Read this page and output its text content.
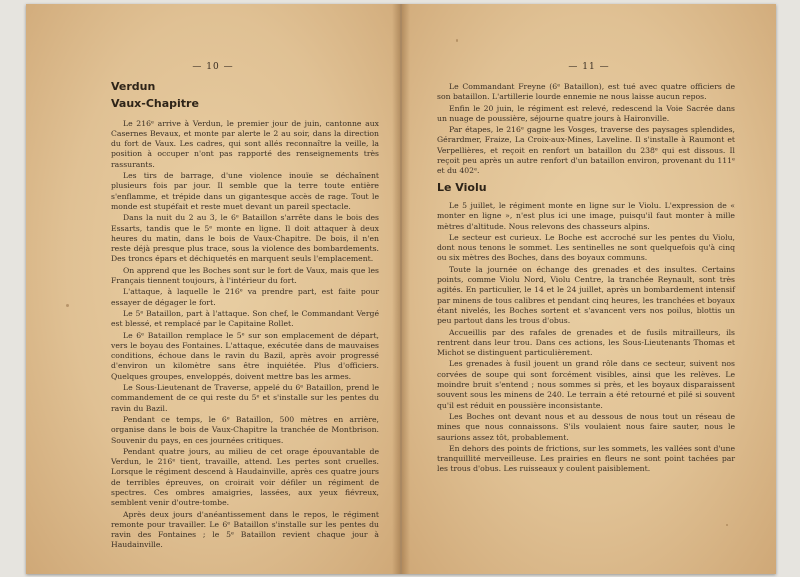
— 10 —
Verdun
Vaux-Chapitre

Le 216ᵉ arrive à Verdun, le premier jour de juin, cantonne aux Casernes Bevaux, et monte par alerte le 2 au soir, dans la direction du fort de Vaux. Les cadres, qui sont allés reconnaître la veille, la position à occuper n'ont pas rapporté des renseignements très rassurants.

Les tirs de barrage, d'une violence inouïe se déchaînent plusieurs fois par jour. Il semble que la terre toute entière s'enflamme, et trépide dans un gigantesque accès de rage. Tout le monde est stupéfait et reste muet devant un pareil spectacle.

Dans la nuit du 2 au 3, le 6ᵉ Bataillon s'arrête dans le bois des Essarts, tandis que le 5ᵉ monte en ligne. Il doit attaquer à deux heures du matin, dans le bois de Vaux-Chapitre. De bois, il n'en reste déjà presque plus trace, sous la violence des bombardements. Des troncs épars et déchiquetés en marquent seuls l'emplacement.

On apprend que les Boches sont sur le fort de Vaux, mais que les Français tiennent toujours, à l'intérieur du fort.

L'attaque, à laquelle le 216ᵉ va prendre part, est faite pour essayer de dégager le fort.

Le 5ᵉ Bataillon, part à l'attaque. Son chef, le Commandant Vergé est blessé, et remplacé par le Capitaine Rollet.

Le 6ᵉ Bataillon remplace le 5ᵉ sur son emplacement de départ, vers le boyau des Fontaines. L'attaque, exécutée dans de mauvaises conditions, échoue dans le ravin du Bazil, après avoir progressé d'environ un kilomètre sans être inquiétée. Plus d'officiers. Quelques groupes, enveloppés, doivent mettre bas les armes.

Le Sous-Lieutenant de Traverse, appelé du 6ᵉ Bataillon, prend le commandement de ce qui reste du 5ᵉ et s'installe sur les pentes du ravin du Bazil.

Pendant ce temps, le 6ᵉ Bataillon, 500 mètres en arrière, organise dans le bois de Vaux-Chapitre la tranchée de Montbrison. Souvenir du pays, en ces journées critiques.

Pendant quatre jours, au milieu de cet orage épouvantable de Verdun, le 216ᵉ tient, travaille, attend. Les pertes sont cruelles. Lorsque le régiment descend à Haudainville, après ces quatre jours de terribles épreuves, on croirait voir défiler un régiment de spectres. Ces ombres amaigries, lassées, aux yeux fiévreux, semblent venir d'outre-tombe.

Après deux jours d'anéantissement dans le repos, le régiment remonte pour travailler. Le 6ᵉ Bataillon s'installe sur les pentes du ravin des Fontaines ; le 5ᵉ Bataillon revient chaque jour à Haudainville.

— 11 —

Le Commandant Freyne (6ᵉ Bataillon), est tué avec quatre officiers de son bataillon. L'artillerie lourde ennemie ne nous laisse aucun repos.

Enfin le 20 juin, le régiment est relevé, redescend la Voie Sacrée dans un nuage de poussière, séjourne quatre jours à Haironville.

Par étapes, le 216ᵉ gagne les Vosges, traverse des paysages splendides, Gérardmer, Fraize, La Croix-aux-Mines, Laveline. Il s'installe à Raumont et Verpellières, et reçoit en renfort un bataillon du 238ᵉ qui est dissous. Il reçoit peu après un autre renfort d'un bataillon environ, provenant du 111ᵉ et du 402ᵉ.

Le Violu

Le 5 juillet, le régiment monte en ligne sur le Violu. L'expression de « monter en ligne », n'est plus ici une image, puisqu'il faut monter à mille mètres d'altitude. Nous relevons des chasseurs alpins.

Le secteur est curieux. Le Boche est accroché sur les pentes du Violu, dont nous tenons le sommet. Les sentinelles ne sont quelquefois qu'à cinq ou six mètres des Boches, dans des boyaux communs.

Toute la journée on échange des grenades et des insultes. Certains points, comme Violu Nord, Violu Centre, la tranchée Reynault, sont très agités. En particulier, le 14 et le 24 juillet, après un bombardement intensif par minens de tous calibres et pendant cinq heures, les tranchées et boyaux étant nivelés, les Boches sortent et s'avancent vers nos poilus, blottis un peu partout dans les trous d'obus.

Accueillis par des rafales de grenades et de fusils mitrailleurs, ils rentrent dans leur trou. Dans ces actions, les Sous-Lieutenants Thomas et Michot se distinguent particulièrement.

Les grenades à fusil jouent un grand rôle dans ce secteur, suivent nos corvées de soupe qui sont forcément visibles, ainsi que les relèves. Le moindre bruit s'entend ; nous sommes si près, et les boyaux disparaissent souvent sous les minens de 240. Le terrain a été retourné et pilé si souvent qu'il est réduit en poussière inconsistante.

Les Boches ont devant nous et au dessous de nous tout un réseau de mines que nous connaissons. S'ils voulaient nous faire sauter, nous le saurions assez tôt, probablement.

En dehors des points de frictions, sur les sommets, les vallées sont d'une tranquillité merveilleuse. Les prairies en fleurs ne sont point tachées par les trous d'obus. Les ruisseaux y coulent paisiblement.
